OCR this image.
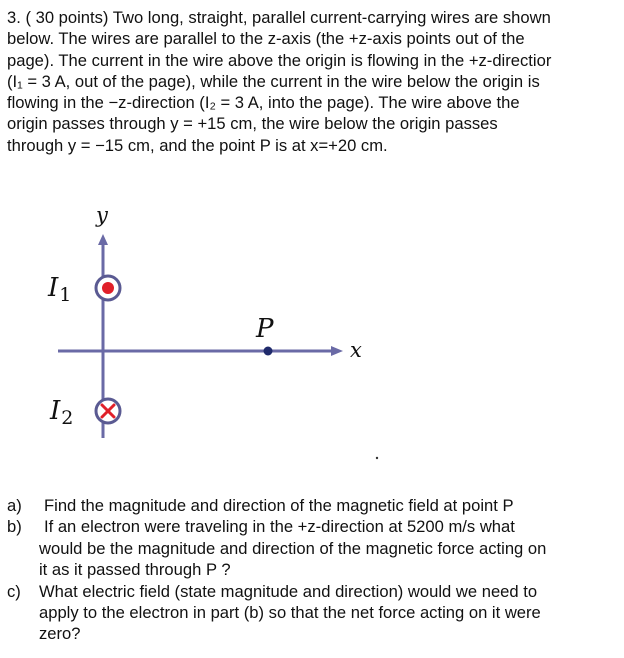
3. ( 30 points) Two long, straight, parallel current-carrying wires are shown
below. The wires are parallel to the z-axis (the +z-axis points out of the
page). The current in the wire above the origin is flowing in the +z-directior
(I₁ = 3 A, out of the page), while the current in the wire below the origin is
flowing in the −z-direction (I₂ = 3 A, into the page). The wire above the
origin passes through y = +15 cm, the wire below the origin passes
through y = −15 cm, and the point P is at x=+20 cm.
y
x
I1
I2
P
a)	Find the magnitude and direction of the magnetic field at point P
b)	If an electron were traveling in the +z-direction at 5200 m/s what
would be the magnitude and direction of the magnetic force acting on
it as it passed through P ?
c)	What electric field (state magnitude and direction) would we need to
apply to the electron in part (b) so that the net force acting on it were
zero?
